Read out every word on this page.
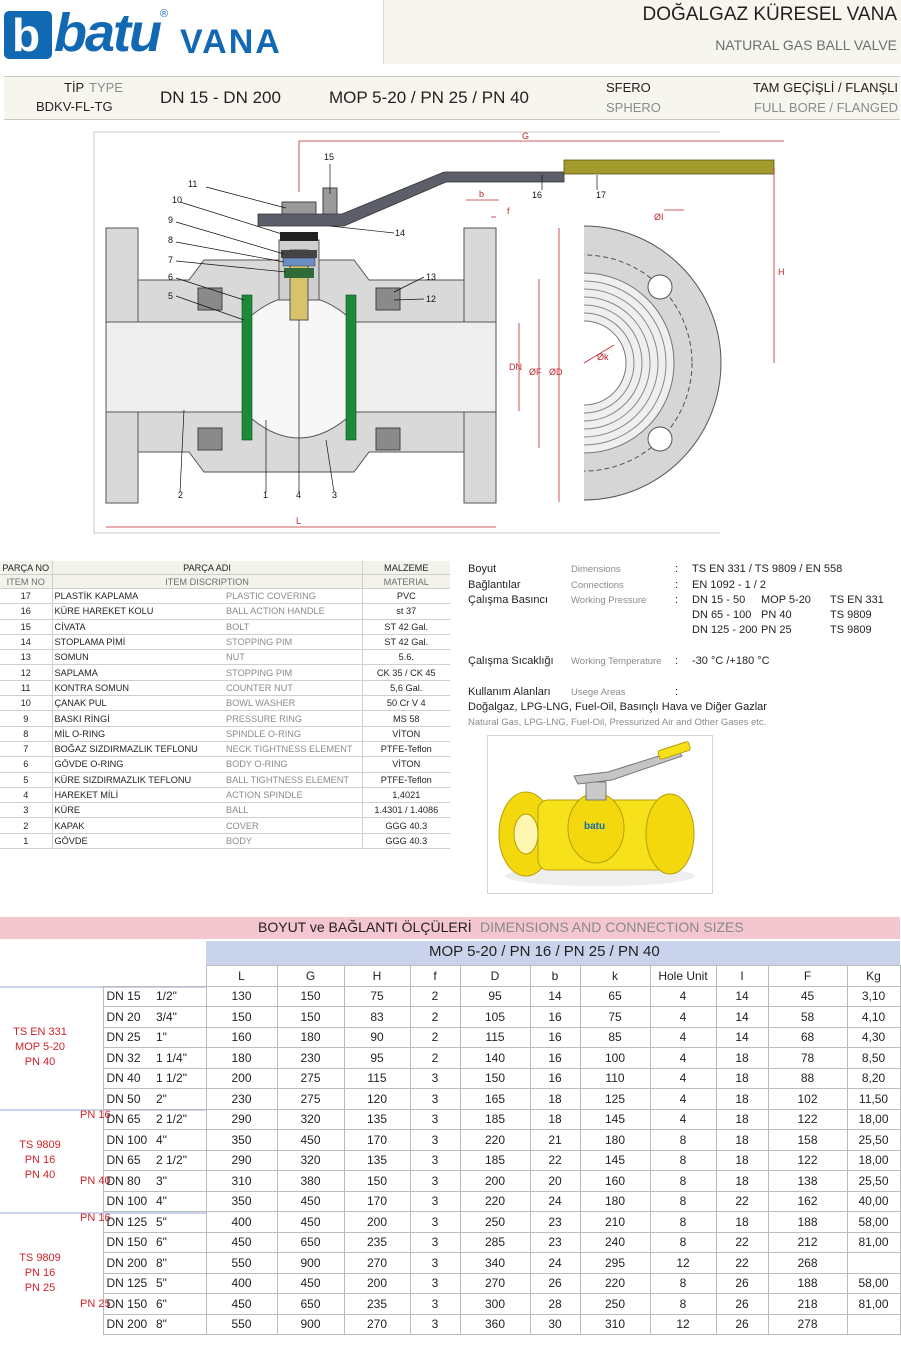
b batu ®
VANA
DOĞALGAZ KÜRESEL VANA
NATURAL GAS BALL VALVE
TİP TYPE
BDKV-FL-TG	DN 15 - DN 200	MOP 5-20 / PN 25 / PN 40
SFERO
SPHERO
TAM GEÇİŞLİ / FLANŞLI
FULL BORE / FLANGED
15
11
10
9
8
7
6
5
14
13
12
2	1	4	3
16	17
G
b
f
ØI
H
DN ØF ØD
Øk
L
PARÇA NO	PARÇA ADI		MALZEME
ITEM NO	ITEM DISCRIPTION		MATERIAL
17	PLASTİK KAPLAMA	PLASTIC COVERING	PVC
16	KÜRE HAREKET KOLU	BALL ACTION HANDLE	st 37
15	CİVATA	BOLT	ST 42 Gal.
14	STOPLAMA PİMİ	STOPPING PIM	ST 42 Gal.
13	SOMUN	NUT	5.6.
12	SAPLAMA	STOPPING PIM	CK 35 / CK 45
11	KONTRA SOMUN	COUNTER NUT	5,6 Gal.
10	ÇANAK PUL	BOWL WASHER	50 Cr V 4
9	BASKI RİNGİ	PRESSURE RING	MS 58
8	MİL O-RING	SPINDLE O-RING	VİTON
7	BOĞAZ SIZDIRMAZLIK TEFLONU	NECK TIGHTNESS ELEMENT	PTFE-Teflon
6	GÖVDE O-RING	BODY O-RING	VİTON
5	KÜRE SIZDIRMAZLIK TEFLONU	BALL TIGHTNESS ELEMENT	PTFE-Teflon
4	HAREKET MİLİ	ACTION SPINDLE	1,4021
3	KÜRE	BALL	1.4301 / 1.4086
2	KAPAK	COVER	GGG 40.3
1	GÖVDE	BODY	GGG 40.3
Boyut	Dimensions	: TS EN 331 / TS 9809 / EN 558
Bağlantılar	Connections	: EN 1092 - 1 / 2
Çalışma Basıncı Working Pressure	: DN 15 - 50 MOP 5-20 TS EN 331
DN 65 - 100 PN 40	TS 9809
DN 125 - 200 PN 25	TS 9809
Çalışma Sıcaklığı Working Temperature : -30 °C /+180 °C
Kullanım Alanları Usege Areas	:
Doğalgaz, LPG-LNG, Fuel-Oil, Basınçlı Hava ve Diğer Gazlar
Natural Gas, LPG-LNG, Fuel-Oil, Pressurized Air and Other Gases etc.
batu
BOYUT ve BAĞLANTI ÖLÇÜLERİ DIMENSIONS AND CONNECTION SIZES
MOP 5-20 / PN 16 / PN 25 / PN 40
				L	G	H	f	D	b	k	Hole Unit	I	F	Kg

TS EN 331
MOP 5-20
PN 40		DN 15	1/2"	130	150	75	2	95	14	65	4	14	45	3,10
		DN 20	3/4"	150	150	83	2	105	16	75	4	14	58	4,10
		DN 25	1"	160	180	90	2	115	16	85	4	14	68	4,30
		DN 32	1 1/4"	180	230	95	2	140	16	100	4	18	78	8,50
		DN 40	1 1/2"	200	275	115	3	150	16	110	4	18	88	8,20
		DN 50	2"	230	275	120	3	165	18	125	4	18	102	11,50

TS 9809
PN 16
PN 40	PN 16	DN 65	2 1/2"	290	320	135	3	185	18	145	4	18	122	18,00
		DN 100	4"	350	450	170	3	220	21	180	8	18	158	25,50
	PN 40	DN 65	2 1/2"	290	320	135	3	185	22	145	8	18	122	18,00
		DN 80	3"	310	380	150	3	200	20	160	8	18	138	25,50
		DN 100	4"	350	450	170	3	220	24	180	8	22	162	40,00

TS 9809
PN 16
PN 25	PN 16	DN 125	5"	400	450	200	3	250	23	210	8	18	188	58,00
		DN 150	6"	450	650	235	3	285	23	240	8	22	212	81,00
		DN 200	8"	550	900	270	3	340	24	295	12	22	268	
	PN 25	DN 125	5"	400	450	200	3	270	26	220	8	26	188	58,00
		DN 150	6"	450	650	235	3	300	28	250	8	26	218	81,00
		DN 200	8"	550	900	270	3	360	30	310	12	26	278	
